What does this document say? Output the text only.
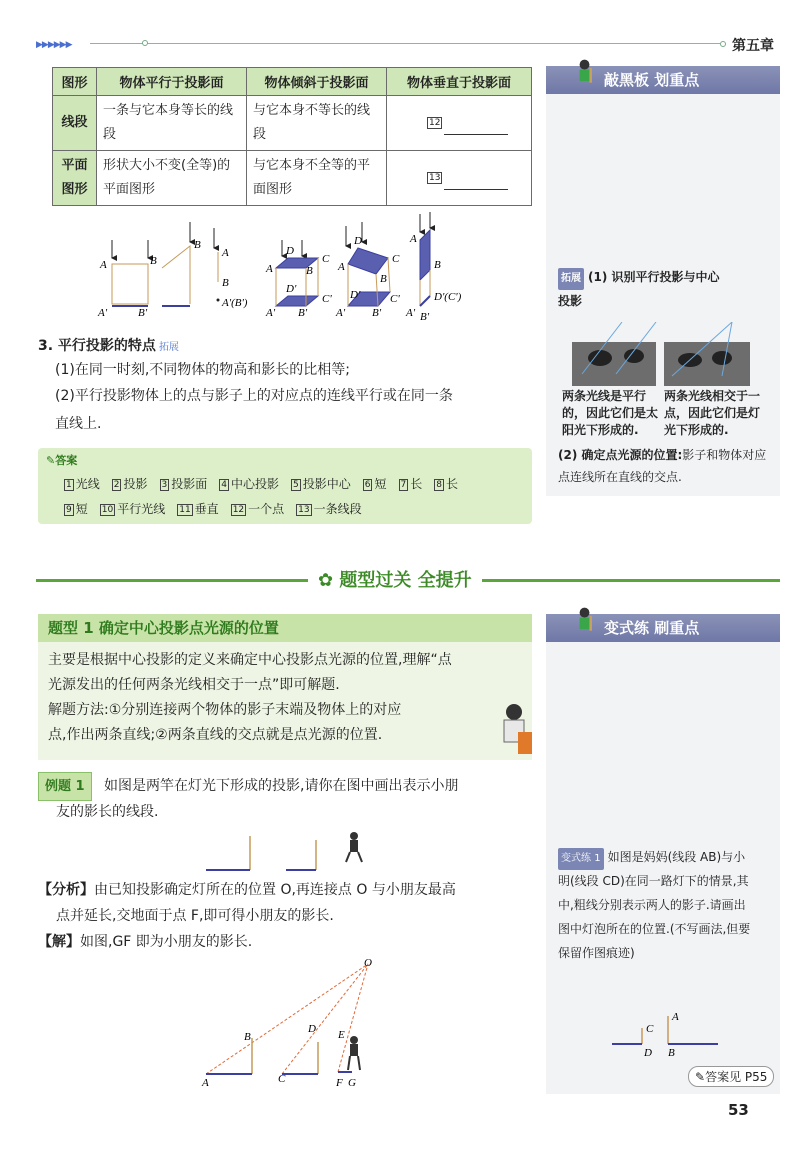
▶▶▶▶▶▶	第五章
图形	物体平行于投影面	物体倾斜于投影面	物体垂直于投影面
线段	一条与它本身等长的线段	与它本身不等长的线段	12
平面图形	形状大小不变(全等)的平面图形	与它本身不全等的平面图形	13
A	B
A'	B'
B
A
B
A'(B')
A	B
C
D
A' B'
C'
D'
A
B
C
D
A' B'
C'
D'
A
B
A' B'
D'(C')
3. 平行投影的特点 拓展
(1)在同一时刻,不同物体的物高和影长的比相等;
(2)平行投影物体上的点与影子上的对应点的连线平行或在同一条
直线上.
✎答案
1 光线 2 投影 3 投影面 4 中心投影 5 投影中心 6 短 7 长 8 长
9 短 10 平行光线 11 垂直 12 一个点 13 一条线段
敲黑板 划重点
拓展 (1) 识别平行投影与中心
投影
两条光线是平行的，因此它们是太阳光下形成的.
两条光线相交于一点，因此它们是灯光下形成的.
(2) 确定点光源的位置:影子和物体对应点连线所在直线的交点.
✿ 题型过关 全提升
题型 1 确定中心投影点光源的位置
主要是根据中心投影的定义来确定中心投影点光源的位置,理解“点
光源发出的任何两条光线相交于一点”即可解题.
解题方法:①分别连接两个物体的影子末端及物体上的对应
点,作出两条直线;②两条直线的交点就是点光源的位置.
例题 1 如图是两竿在灯光下形成的投影,请你在图中画出表示小朋
友的影长的线段.
【分析】由已知投影确定灯所在的位置 O,再连接点 O 与小朋友最高
点并延长,交地面于点 F,即可得小朋友的影长.
【解】如图,GF 即为小朋友的影长.
O
B
D E
A	C	F G
变式练 刷重点
变式练 1 如图是妈妈(线段 AB)与小
明(线段 CD)在同一路灯下的情景,其
中,粗线分别表示两人的影子.请画出
图中灯泡所在的位置.(不写画法,但要
保留作图痕迹)
C
A
D B
✎答案见 P55
53
